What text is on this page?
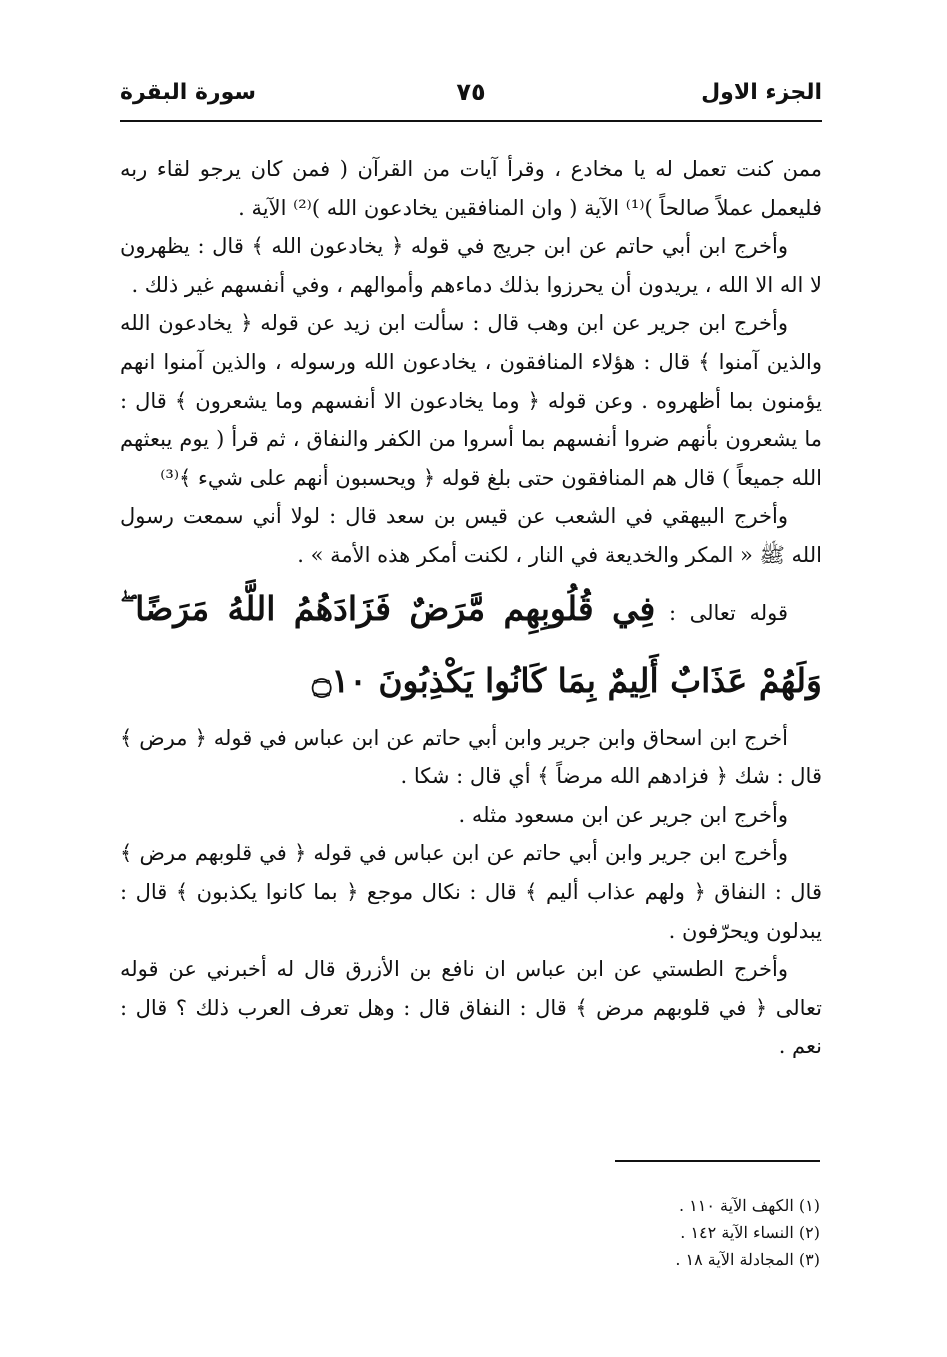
الجزء الاول
٧٥
سورة البقرة

ممن كنت تعمل له يا مخادع ، وقرأ آيات من القرآن ( فمن كان يرجو لقاء ربه فليعمل عملاً صالحاً )⁽¹⁾ الآية ( وان المنافقين يخادعون الله )⁽²⁾ الآية .

وأخرج ابن أبي حاتم عن ابن جريج في قوله ﴿ يخادعون الله ﴾ قال : يظهرون لا اله الا الله ، يريدون أن يحرزوا بذلك دماءهم وأموالهم ، وفي أنفسهم غير ذلك .

وأخرج ابن جرير عن ابن وهب قال : سألت ابن زيد عن قوله ﴿ يخادعون الله والذين آمنوا ﴾ قال : هؤلاء المنافقون ، يخادعون الله ورسوله ، والذين آمنوا انهم يؤمنون بما أظهروه . وعن قوله ﴿ وما يخادعون الا أنفسهم وما يشعرون ﴾ قال : ما يشعرون بأنهم ضروا أنفسهم بما أسروا من الكفر والنفاق ، ثم قرأ ( يوم يبعثهم الله جميعاً ) قال هم المنافقون حتى بلغ قوله ﴿ ويحسبون أنهم على شيء ﴾⁽³⁾

وأخرج البيهقي في الشعب عن قيس بن سعد قال : لولا أني سمعت رسول الله ﷺ « المكر والخديعة في النار ، لكنت أمكر هذه الأمة » .

قوله تعالى : فِي قُلُوبِهِم مَّرَضٌ فَزَادَهُمُ اللَّهُ مَرَضًا ۖ وَلَهُمْ عَذَابٌ أَلِيمٌ بِمَا كَانُوا يَكْذِبُونَ ۝١٠

أخرج ابن اسحاق وابن جرير وابن أبي حاتم عن ابن عباس في قوله ﴿ مرض ﴾ قال : شك ﴿ فزادهم الله مرضاً ﴾ أي قال : شكا .

وأخرج ابن جرير عن ابن مسعود مثله .

وأخرج ابن جرير وابن أبي حاتم عن ابن عباس في قوله ﴿ في قلوبهم مرض ﴾ قال : النفاق ﴿ ولهم عذاب أليم ﴾ قال : نكال موجع ﴿ بما كانوا يكذبون ﴾ قال : يبدلون ويحرّفون .

وأخرج الطستي عن ابن عباس ان نافع بن الأزرق قال له أخبرني عن قوله تعالى ﴿ في قلوبهم مرض ﴾ قال : النفاق قال : وهل تعرف العرب ذلك ؟ قال : نعم .

(١) الكهف الآية ١١٠ .
(٢) النساء الآية ١٤٢ .
(٣) المجادلة الآية ١٨ .
